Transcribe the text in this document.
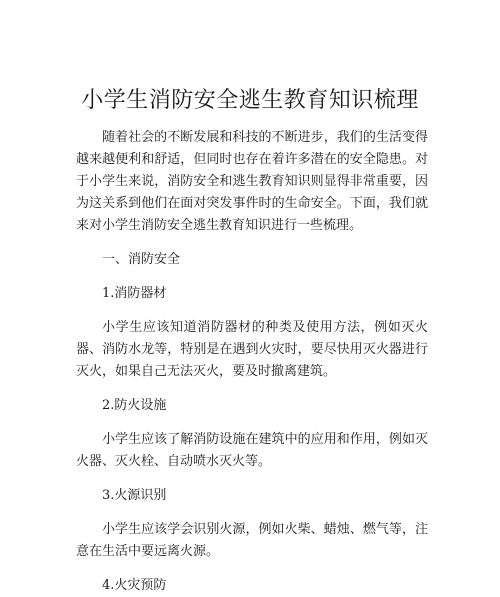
小学生消防安全逃生教育知识梳理

随着社会的不断发展和科技的不断进步，我们的生活变得越来越便利和舒适，但同时也存在着许多潜在的安全隐患。对于小学生来说，消防安全和逃生教育知识则显得非常重要，因为这关系到他们在面对突发事件时的生命安全。下面，我们就来对小学生消防安全逃生教育知识进行一些梳理。

一、消防安全

1.消防器材

小学生应该知道消防器材的种类及使用方法，例如灭火器、消防水龙等，特别是在遇到火灾时，要尽快用灭火器进行灭火，如果自己无法灭火，要及时撤离建筑。

2.防火设施

小学生应该了解消防设施在建筑中的应用和作用，例如灭火器、灭火栓、自动喷水灭火等。

3.火源识别

小学生应该学会识别火源，例如火柴、蜡烛、燃气等，注意在生活中要远离火源。

4.火灾预防
